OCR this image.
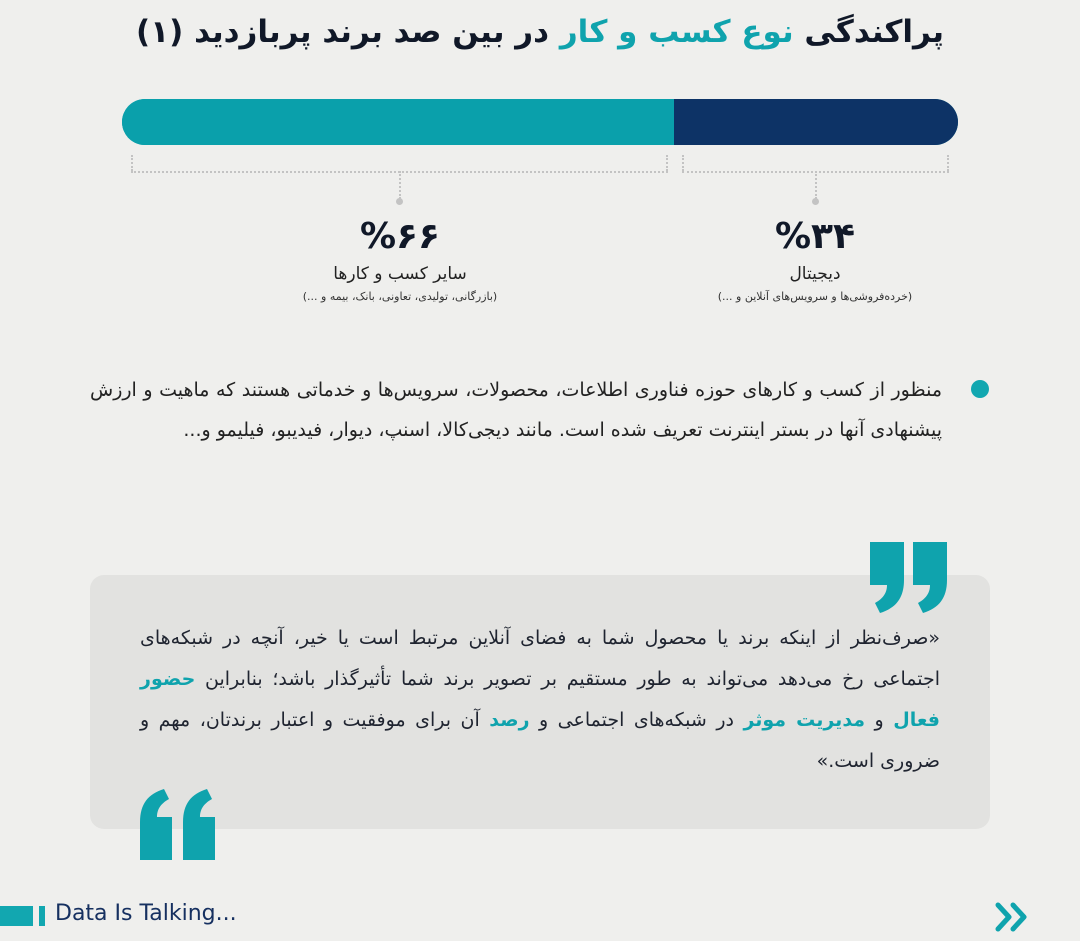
پراکندگی نوع کسب و کار در بین صد برند پربازدید (۱)
%۳۴
دیجیتال
(خرده‌فروشی‌ها و سرویس‌های آنلاین و ...)
%۶۶
سایر کسب و کارها
(بازرگانی، تولیدی، تعاونی، بانک، بیمه و ...)
منظور از کسب و کارهای حوزه فناوری اطلاعات، محصولات، سرویس‌ها و خدماتی هستند که ماهیت و ارزش پیشنهادی آنها در بستر اینترنت تعریف شده است. مانند دیجی‌کالا، اسنپ، دیوار، فیدیبو، فیلیمو و...
«صرف‌نظر از اینکه برند یا محصول شما به فضای آنلاین مرتبط است یا خیر، آنچه در شبکه‌های اجتماعی رخ می‌دهد می‌تواند به طور مستقیم بر تصویر برند شما تأثیرگذار باشد؛ بنابراین حضور فعال و مدیریت موثر در شبکه‌های اجتماعی و رصد آن برای موفقیت و اعتبار برندتان، مهم و ضروری است.»
Data Is Talking...
